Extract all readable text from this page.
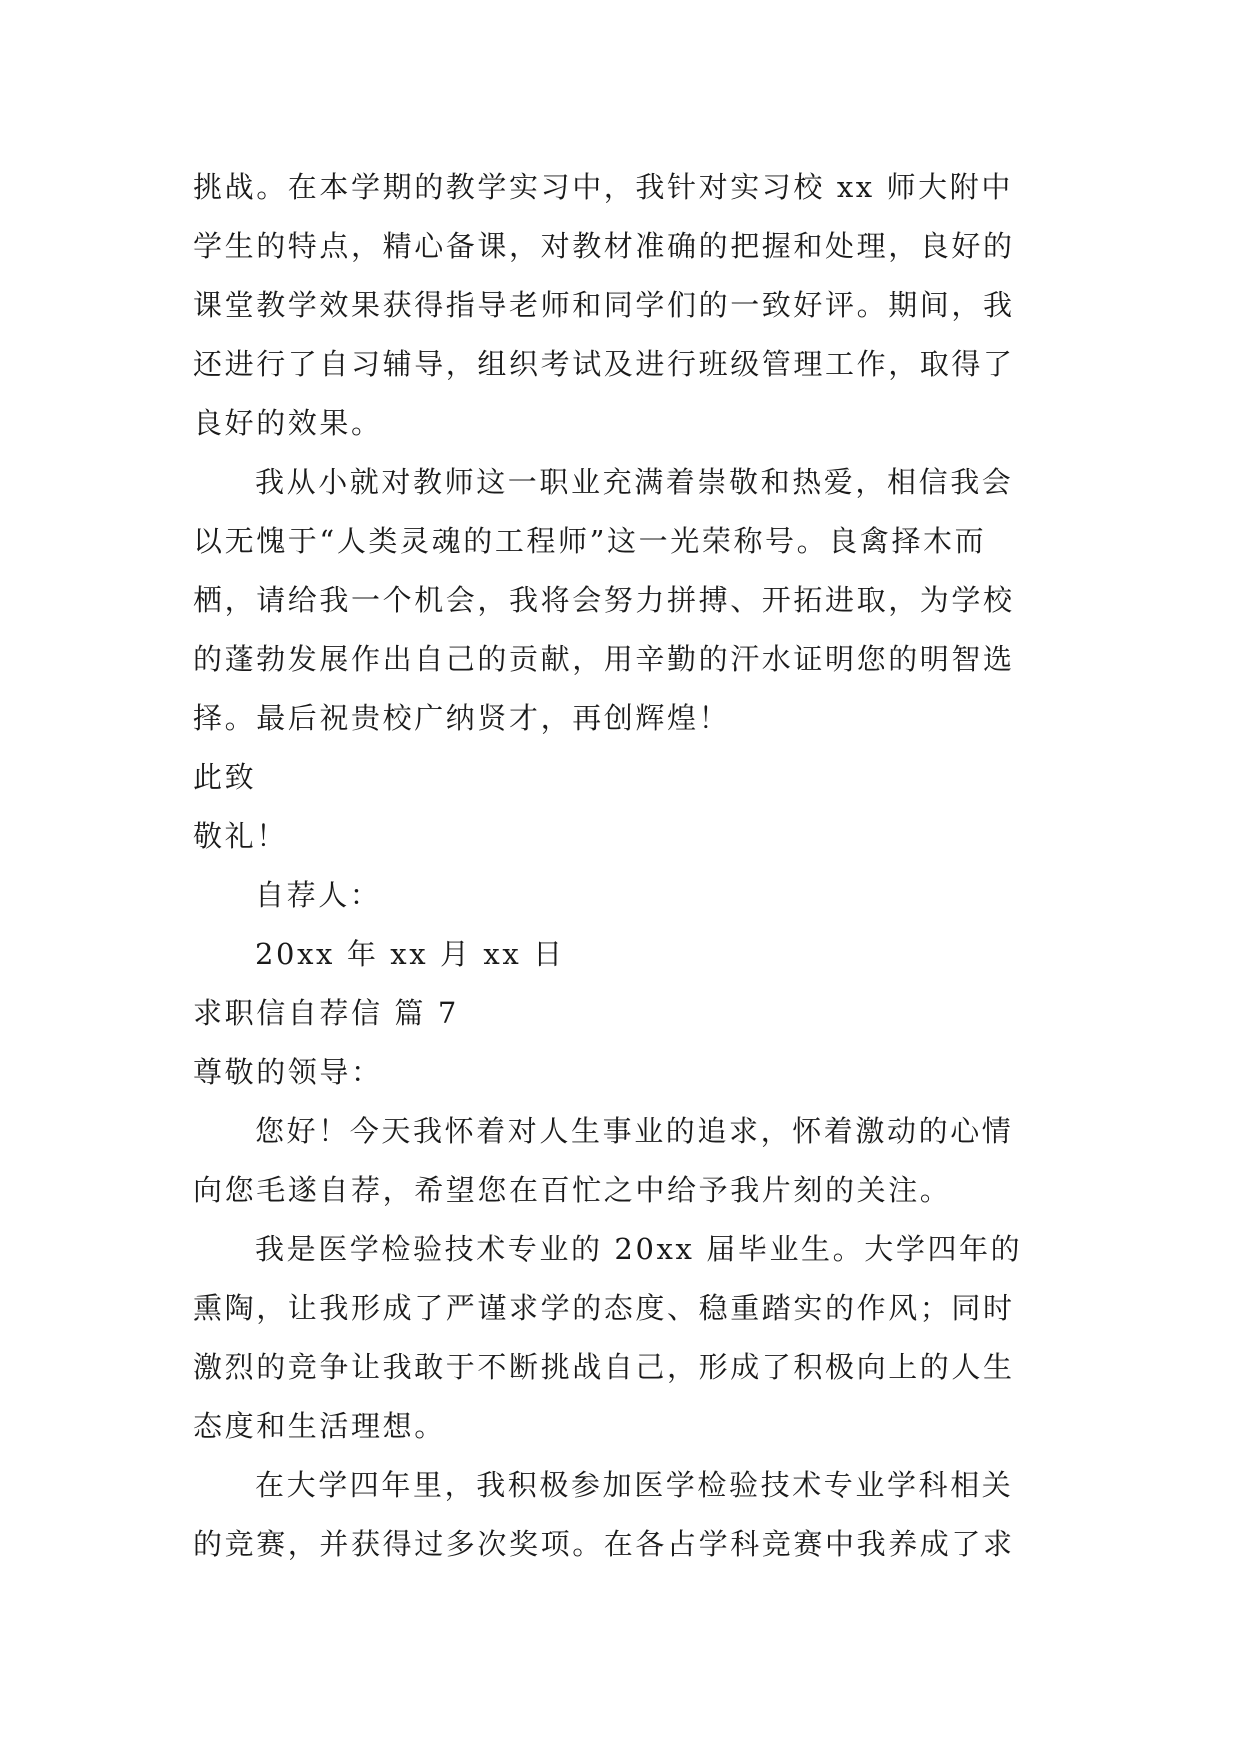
挑战。在本学期的教学实习中，我针对实习校 xx 师大附中
学生的特点，精心备课，对教材准确的把握和处理，良好的
课堂教学效果获得指导老师和同学们的一致好评。期间，我
还进行了自习辅导，组织考试及进行班级管理工作，取得了
良好的效果。
我从小就对教师这一职业充满着崇敬和热爱，相信我会
以无愧于“人类灵魂的工程师”这一光荣称号。良禽择木而
栖，请给我一个机会，我将会努力拼搏、开拓进取，为学校
的蓬勃发展作出自己的贡献，用辛勤的汗水证明您的明智选
择。最后祝贵校广纳贤才，再创辉煌！
此致
敬礼！
自荐人：
20xx 年 xx 月 xx 日
求职信自荐信 篇 7
尊敬的领导：
您好！今天我怀着对人生事业的追求，怀着激动的心情
向您毛遂自荐，希望您在百忙之中给予我片刻的关注。
我是医学检验技术专业的 20xx 届毕业生。大学四年的
熏陶，让我形成了严谨求学的态度、稳重踏实的作风；同时
激烈的竞争让我敢于不断挑战自己，形成了积极向上的人生
态度和生活理想。
在大学四年里，我积极参加医学检验技术专业学科相关
的竞赛，并获得过多次奖项。在各占学科竞赛中我养成了求
